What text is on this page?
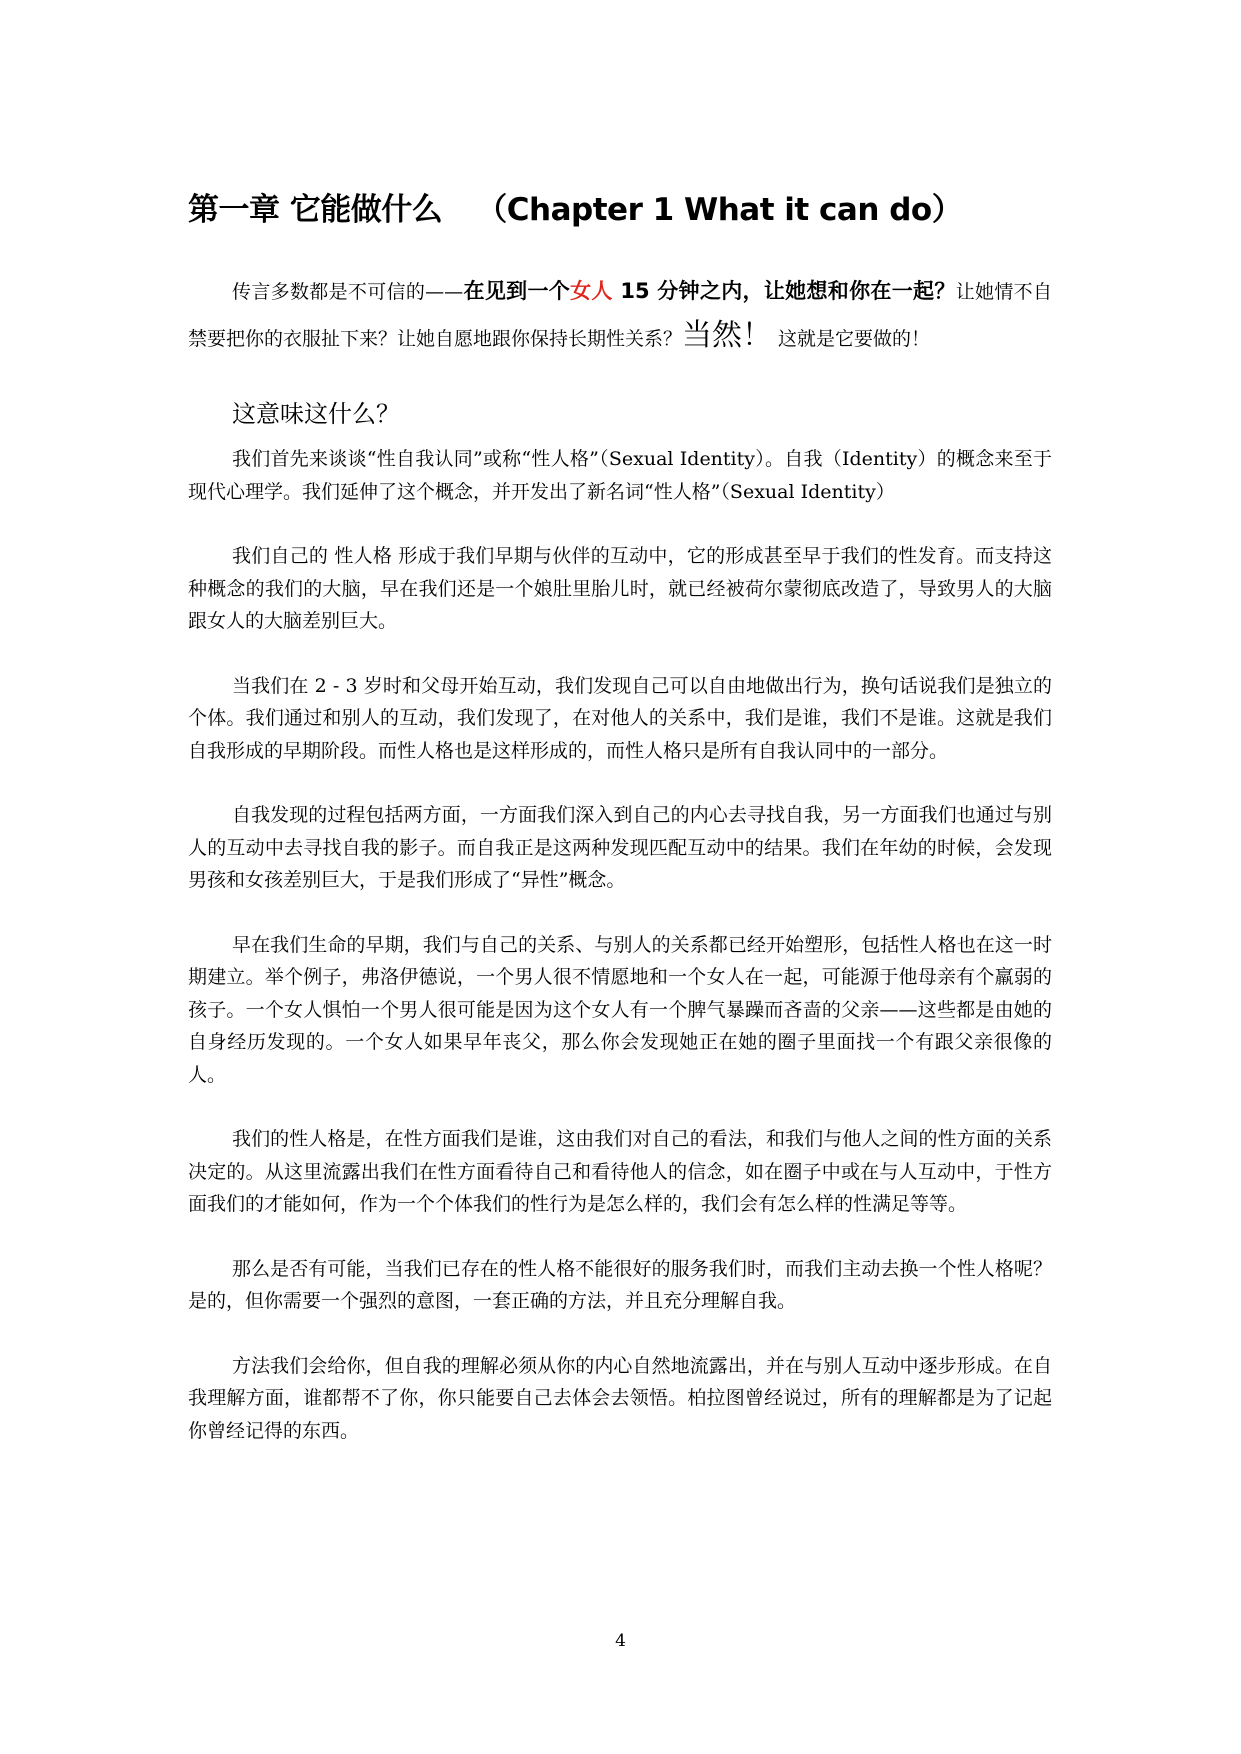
第一章 它能做什么 （Chapter 1 What it can do）

传言多数都是不可信的——在见到一个女人 15 分钟之内，让她想和你在一起？让她情不自禁要把你的衣服扯下来？让她自愿地跟你保持长期性关系？当然！ 这就是它要做的！

这意味这什么？

我们首先来谈谈“性自我认同”或称“性人格”（Sexual Identity）。自我（Identity）的概念来至于现代心理学。我们延伸了这个概念，并开发出了新名词“性人格”（Sexual Identity）

我们自己的 性人格 形成于我们早期与伙伴的互动中，它的形成甚至早于我们的性发育。而支持这种概念的我们的大脑，早在我们还是一个娘肚里胎儿时，就已经被荷尔蒙彻底改造了，导致男人的大脑跟女人的大脑差别巨大。

当我们在 2 - 3 岁时和父母开始互动，我们发现自己可以自由地做出行为，换句话说我们是独立的个体。我们通过和别人的互动，我们发现了，在对他人的关系中，我们是谁，我们不是谁。这就是我们自我形成的早期阶段。而性人格也是这样形成的，而性人格只是所有自我认同中的一部分。

自我发现的过程包括两方面，一方面我们深入到自己的内心去寻找自我，另一方面我们也通过与别人的互动中去寻找自我的影子。而自我正是这两种发现匹配互动中的结果。我们在年幼的时候，会发现男孩和女孩差别巨大，于是我们形成了“异性”概念。

早在我们生命的早期，我们与自己的关系、与别人的关系都已经开始塑形，包括性人格也在这一时期建立。举个例子，弗洛伊德说，一个男人很不情愿地和一个女人在一起，可能源于他母亲有个羸弱的孩子。一个女人惧怕一个男人很可能是因为这个女人有一个脾气暴躁而吝啬的父亲——这些都是由她的自身经历发现的。一个女人如果早年丧父，那么你会发现她正在她的圈子里面找一个有跟父亲很像的人。

我们的性人格是，在性方面我们是谁，这由我们对自己的看法，和我们与他人之间的性方面的关系决定的。从这里流露出我们在性方面看待自己和看待他人的信念，如在圈子中或在与人互动中，于性方面我们的才能如何，作为一个个体我们的性行为是怎么样的，我们会有怎么样的性满足等等。

那么是否有可能，当我们已存在的性人格不能很好的服务我们时，而我们主动去换一个性人格呢？是的，但你需要一个强烈的意图，一套正确的方法，并且充分理解自我。

方法我们会给你，但自我的理解必须从你的内心自然地流露出，并在与别人互动中逐步形成。在自我理解方面，谁都帮不了你，你只能要自己去体会去领悟。柏拉图曾经说过，所有的理解都是为了记起你曾经记得的东西。

4
